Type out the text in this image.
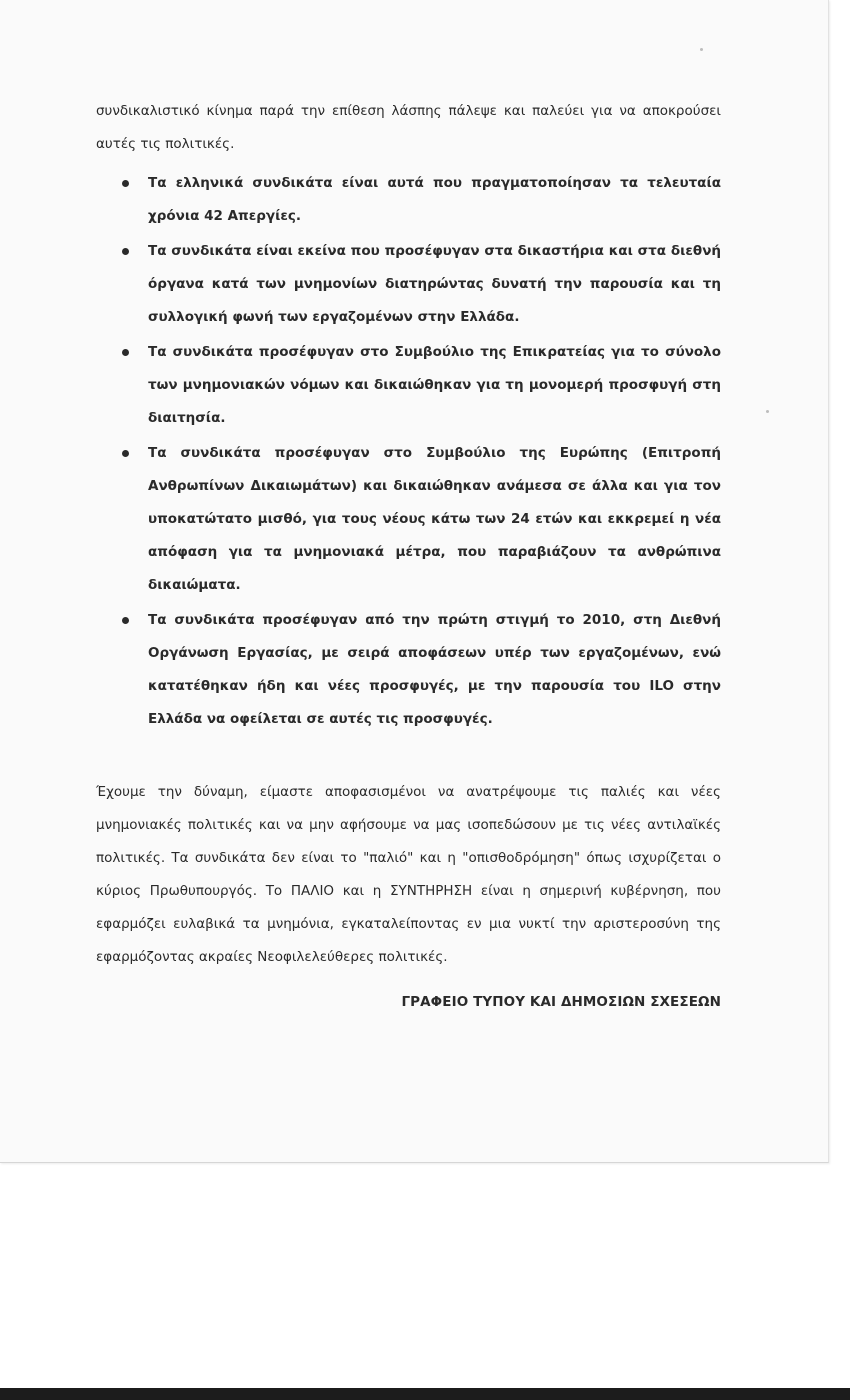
συνδικαλιστικό κίνημα παρά την επίθεση λάσπης πάλεψε και παλεύει για να αποκρούσει αυτές τις πολιτικές.

Τα ελληνικά συνδικάτα είναι αυτά που πραγματοποίησαν τα τελευταία χρόνια 42 Απεργίες.
Τα συνδικάτα είναι εκείνα που προσέφυγαν στα δικαστήρια και στα διεθνή όργανα κατά των μνημονίων διατηρώντας δυνατή την παρουσία και τη συλλογική φωνή των εργαζομένων στην Ελλάδα.
Τα συνδικάτα προσέφυγαν στο Συμβούλιο της Επικρατείας για το σύνολο των μνημονιακών νόμων και δικαιώθηκαν για τη μονομερή προσφυγή στη διαιτησία.
Τα συνδικάτα προσέφυγαν στο Συμβούλιο της Ευρώπης (Επιτροπή Ανθρωπίνων Δικαιωμάτων) και δικαιώθηκαν ανάμεσα σε άλλα και για τον υποκατώτατο μισθό, για τους νέους κάτω των 24 ετών και εκκρεμεί η νέα απόφαση για τα μνημονιακά μέτρα, που παραβιάζουν τα ανθρώπινα δικαιώματα.
Τα συνδικάτα προσέφυγαν από την πρώτη στιγμή το 2010, στη Διεθνή Οργάνωση Εργασίας, με σειρά αποφάσεων υπέρ των εργαζομένων, ενώ κατατέθηκαν ήδη και νέες προσφυγές, με την παρουσία του ILO στην Ελλάδα να οφείλεται σε αυτές τις προσφυγές.

Έχουμε την δύναμη, είμαστε αποφασισμένοι να ανατρέψουμε τις παλιές και νέες μνημονιακές πολιτικές και να μην αφήσουμε να μας ισοπεδώσουν με τις νέες αντιλαϊκές πολιτικές. Τα συνδικάτα δεν είναι το "παλιό" και η "οπισθοδρόμηση" όπως ισχυρίζεται ο κύριος Πρωθυπουργός. Το ΠΑΛΙΟ και η ΣΥΝΤΗΡΗΣΗ είναι η σημερινή κυβέρνηση, που εφαρμόζει ευλαβικά τα μνημόνια, εγκαταλείποντας εν μια νυκτί την αριστεροσύνη της εφαρμόζοντας ακραίες Νεοφιλελεύθερες πολιτικές.

ΓΡΑΦΕΙΟ ΤΥΠΟΥ ΚΑΙ ΔΗΜΟΣΙΩΝ ΣΧΕΣΕΩΝ
